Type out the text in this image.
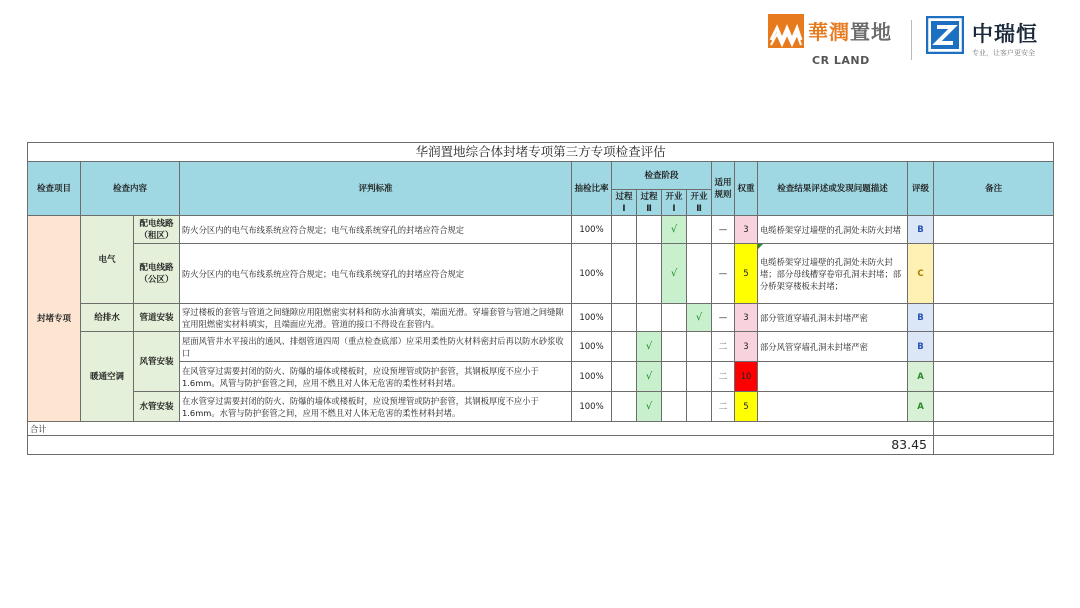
華潤置地
CR LAND
中瑞恒
专业，让客户更安全
华润置地综合体封堵专项第三方专项检查评估													
检查项目	检查内容		评判标准	抽检比率	检查阶段				适用规则	权重	检查结果评述或发现问题描述	评级	备注
					过程Ⅰ	过程Ⅱ	开业Ⅰ	开业Ⅱ					
封堵专项	电气	配电线路（租区）	防火分区内的电气布线系统应符合规定；电气布线系统穿孔的封堵应符合规定	100%			√		—	3	电缆桥架穿过墙壁的孔洞处未防火封堵	B	
		配电线路（公区）	防火分区内的电气布线系统应符合规定；电气布线系统穿孔的封堵应符合规定	100%			√		—	5	电缆桥架穿过墙壁的孔洞处未防火封堵；部分母线槽穿卷帘孔洞未封堵；部分桥架穿楼板未封堵；	C	
	给排水	管道安装	穿过楼板的套管与管道之间缝隙应用阻燃密实材料和防水油膏填实，端面光滑。穿墙套管与管道之间缝隙宜用阻燃密实材料填实，且端面应光滑。管道的接口不得设在套管内。	100%				√	—	3	部分管道穿墙孔洞未封堵严密	B	
	暖通空调	风管安装	屋面风管井水平接出的通风、排烟管道四周（重点检查底部）应采用柔性防火材料密封后再以防水砂浆收口	100%		√			二	3	部分风管穿墙孔洞未封堵严密	B	
			在风管穿过需要封闭的防火、防爆的墙体或楼板时，应设预埋管或防护套管，其钢板厚度不应小于1.6mm。风管与防护套管之间，应用不燃且对人体无危害的柔性材料封堵。	100%		√			二	10		A	
		水管安装	在水管穿过需要封闭的防火、防爆的墙体或楼板时，应设预埋管或防护套管，其钢板厚度不应小于1.6mm。水管与防护套管之间，应用不燃且对人体无危害的柔性材料封堵。	100%		√			二	5		A	
合计													
83.45													
